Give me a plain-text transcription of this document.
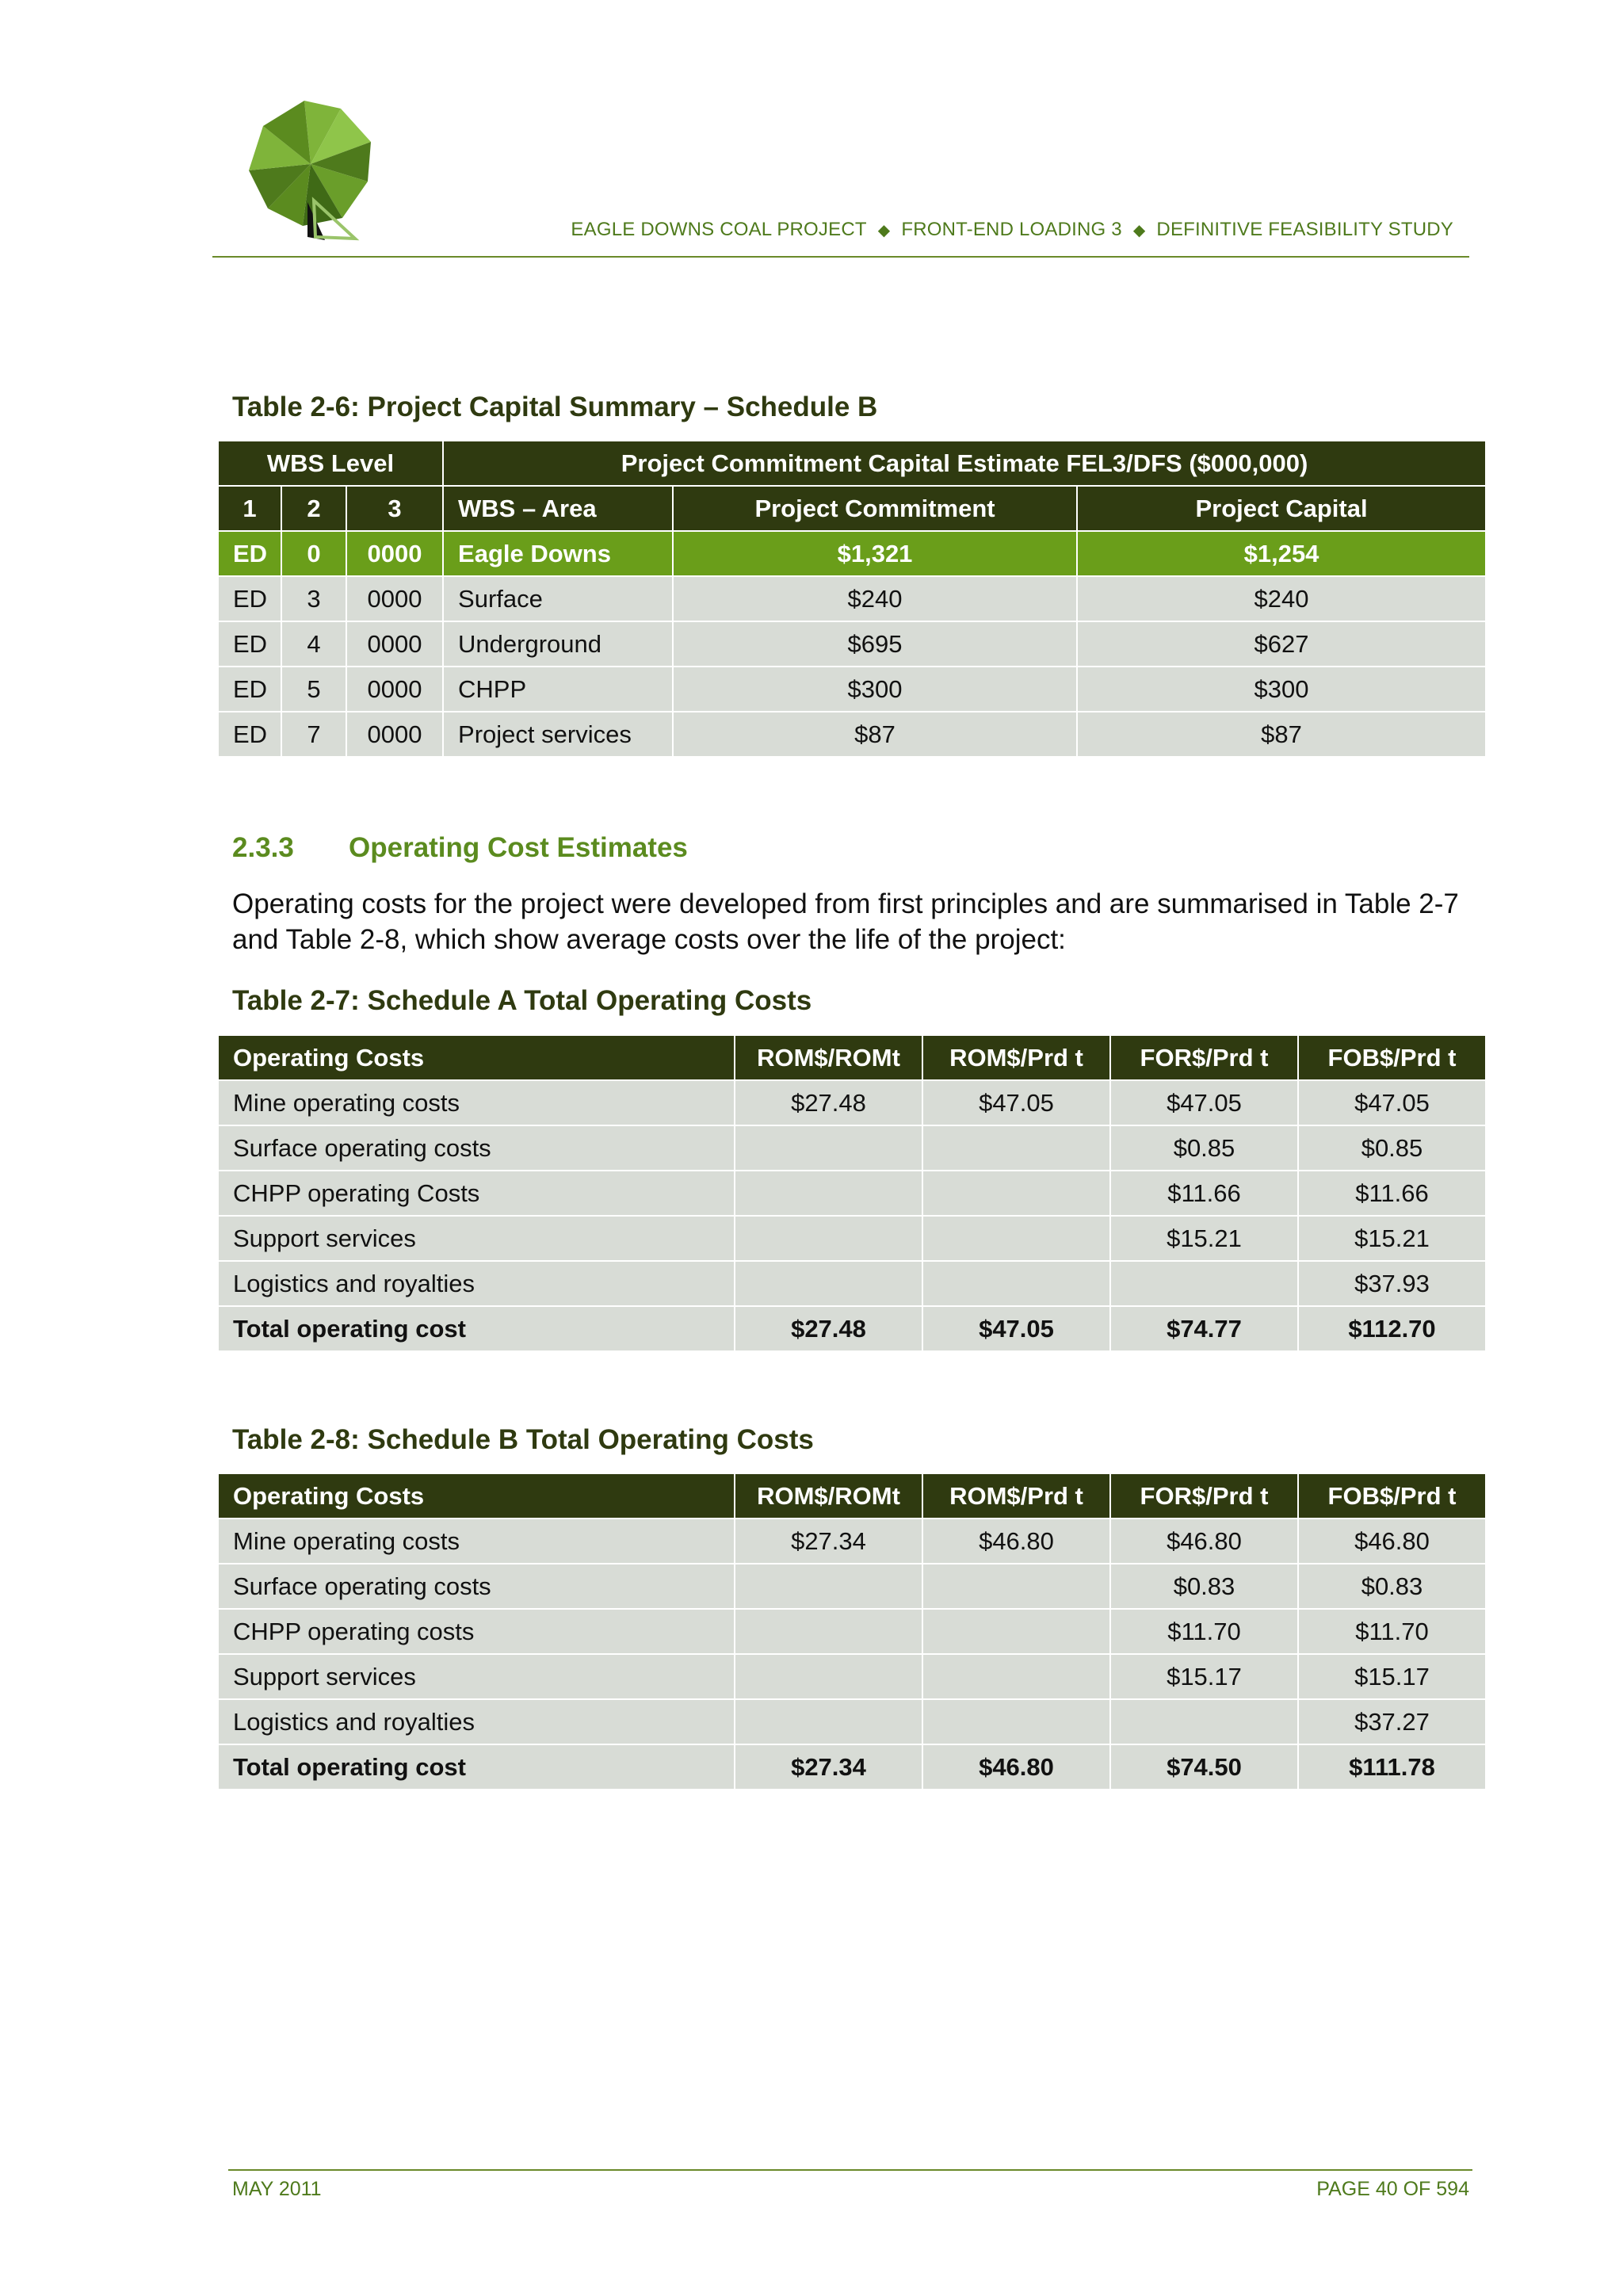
EAGLE DOWNS COAL PROJECT ◆ FRONT-END LOADING 3 ◆ DEFINITIVE FEASIBILITY STUDY
Table 2-6: Project Capital Summary – Schedule B
WBS Level			Project Commitment Capital Estimate FEL3/DFS ($000,000)		
1	2	3	WBS – Area	Project Commitment	Project Capital
ED	0	0000	Eagle Downs	$1,321	$1,254
ED	3	0000	Surface	$240	$240
ED	4	0000	Underground	$695	$627
ED	5	0000	CHPP	$300	$300
ED	7	0000	Project services	$87	$87
2.3.3 Operating Cost Estimates
Operating costs for the project were developed from first principles and are summarised in Table 2-7 and Table 2-8, which show average costs over the life of the project:
Table 2-7: Schedule A Total Operating Costs
Operating Costs	ROM$/ROMt	ROM$/Prd t	FOR$/Prd t	FOB$/Prd t
Mine operating costs	$27.48	$47.05	$47.05	$47.05
Surface operating costs			$0.85	$0.85
CHPP operating Costs			$11.66	$11.66
Support services			$15.21	$15.21
Logistics and royalties				$37.93
Total operating cost	$27.48	$47.05	$74.77	$112.70
Table 2-8: Schedule B Total Operating Costs
Operating Costs	ROM$/ROMt	ROM$/Prd t	FOR$/Prd t	FOB$/Prd t
Mine operating costs	$27.34	$46.80	$46.80	$46.80
Surface operating costs			$0.83	$0.83
CHPP operating costs			$11.70	$11.70
Support services			$15.17	$15.17
Logistics and royalties				$37.27
Total operating cost	$27.34	$46.80	$74.50	$111.78
MAY 2011	PAGE 40 OF 594
